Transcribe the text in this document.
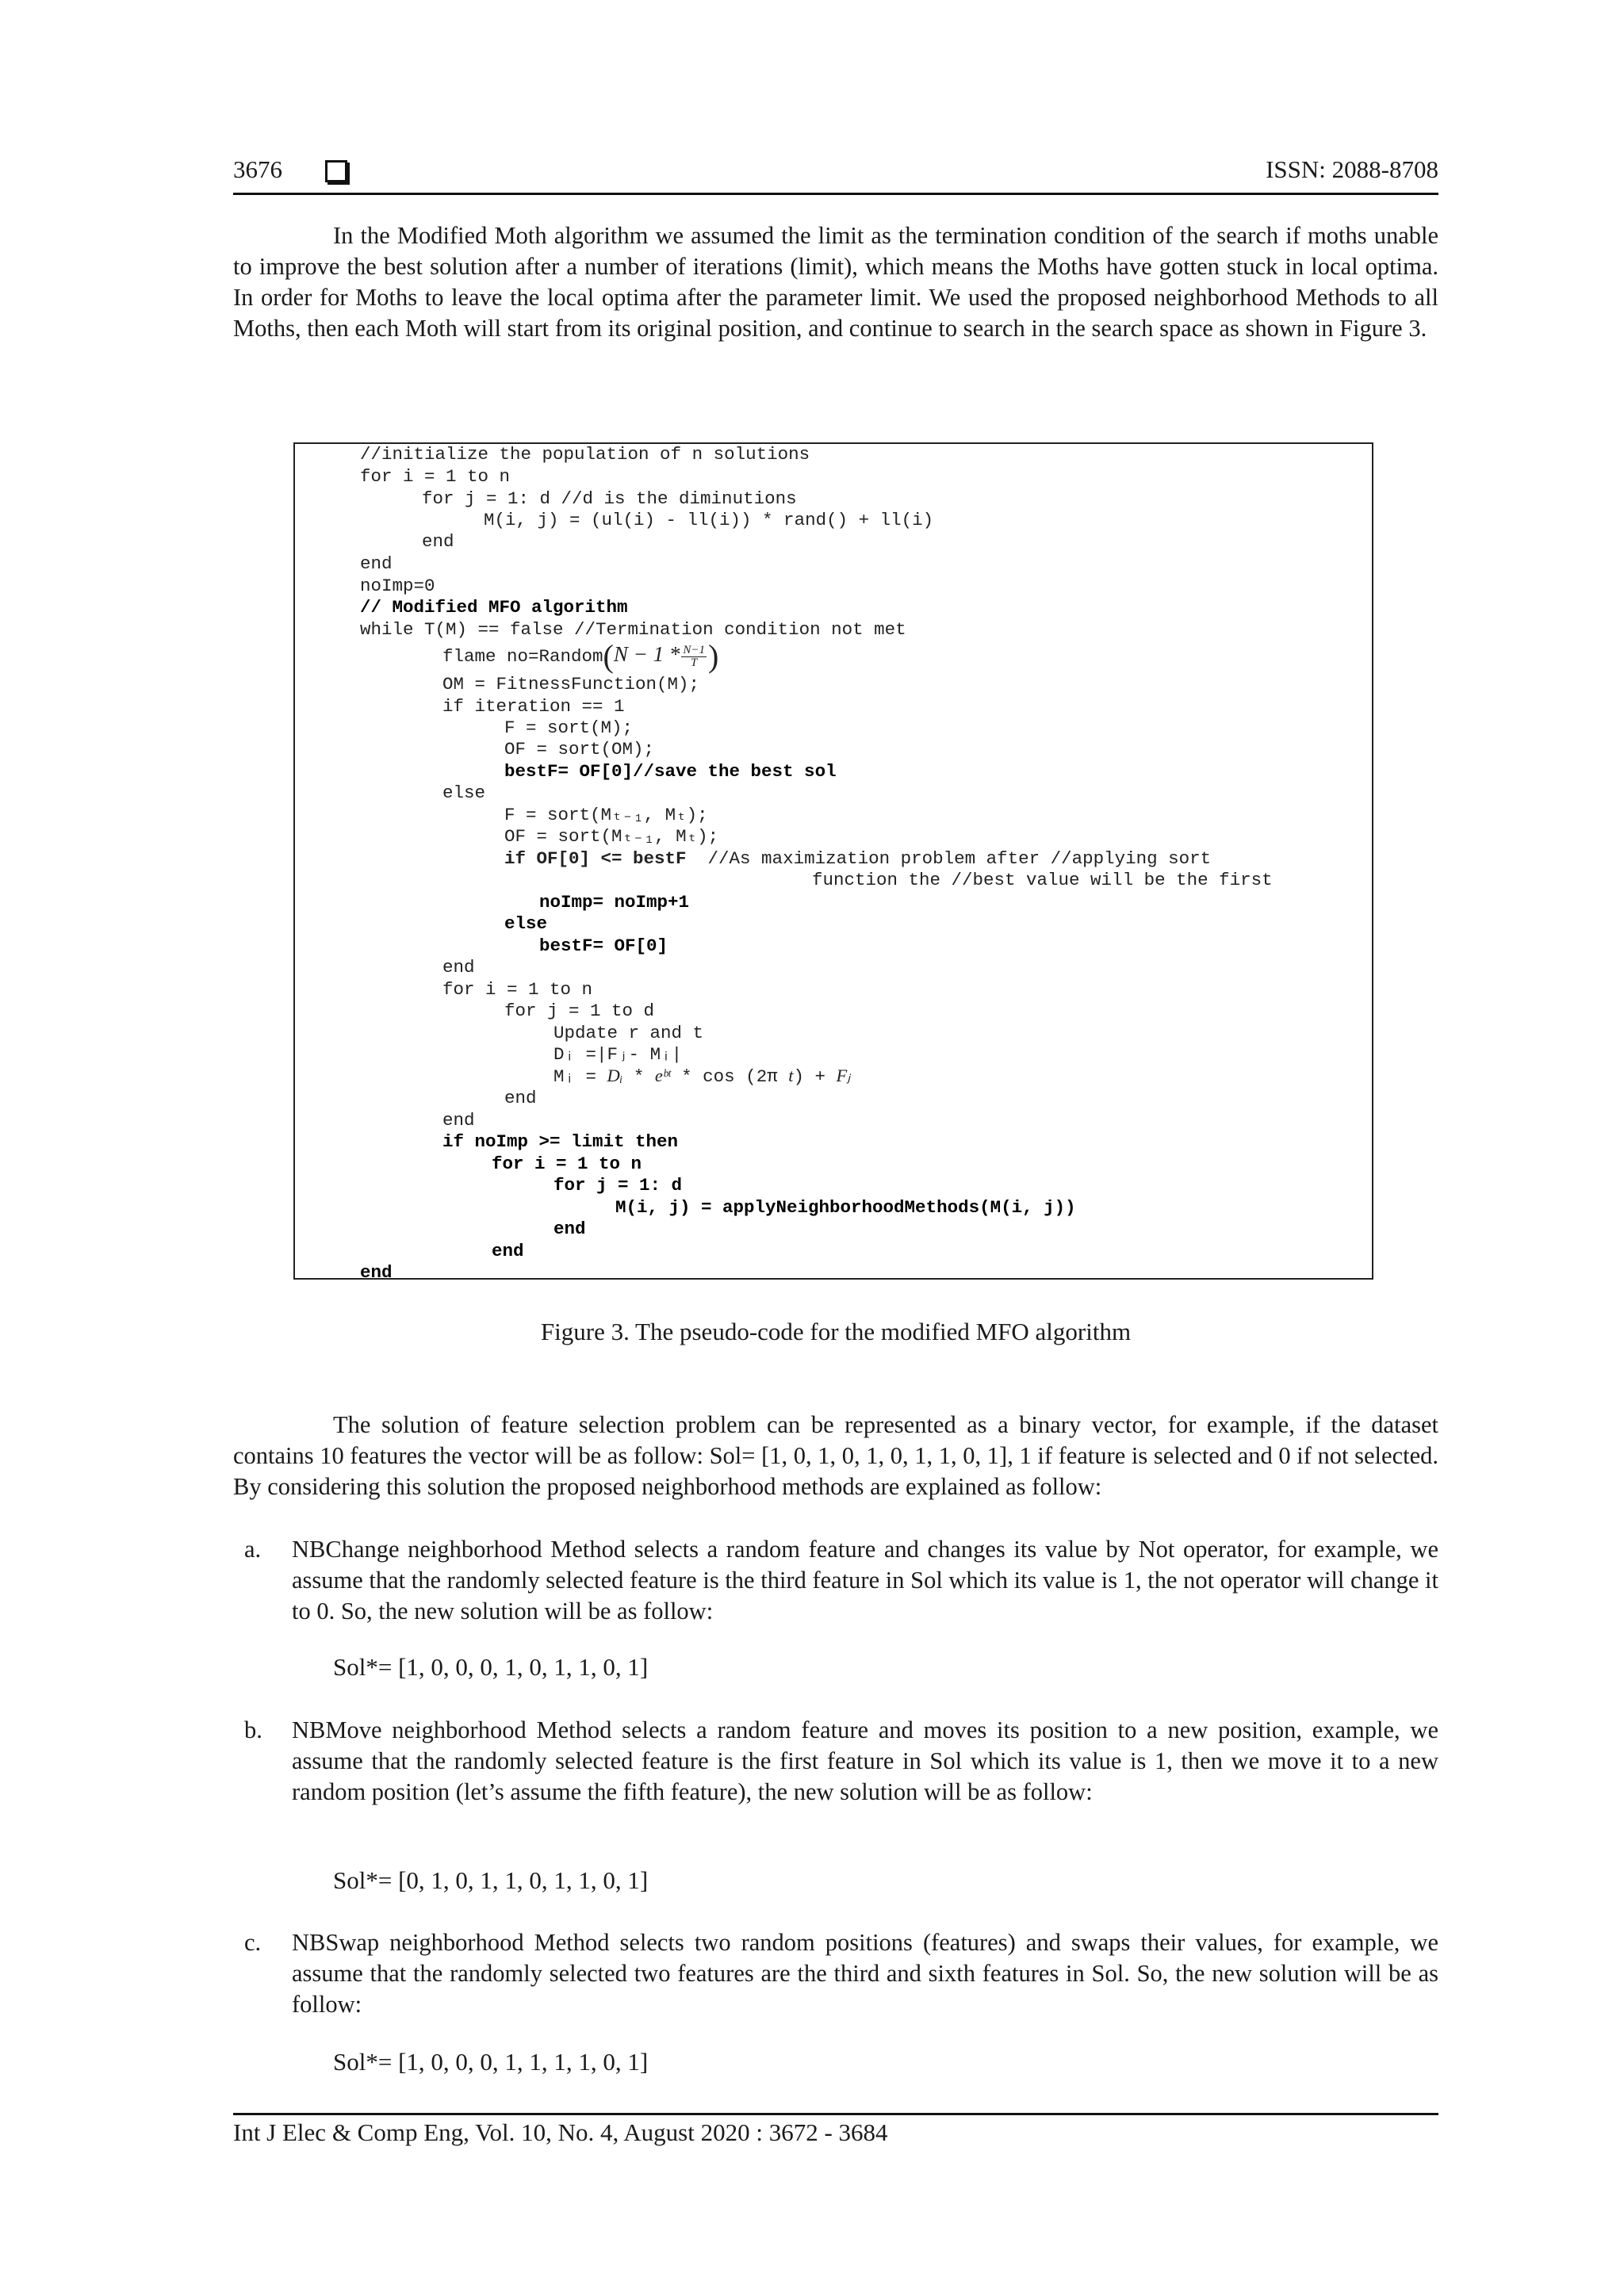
3676	ISSN: 2088-8708

In the Modified Moth algorithm we assumed the limit as the termination condition of the search if moths unable to improve the best solution after a number of iterations (limit), which means the Moths have gotten stuck in local optima. In order for Moths to leave the local optima after the parameter limit. We used the proposed neighborhood Methods to all Moths, then each Moth will start from its original position, and continue to search in the search space as shown in Figure 3.

//initialize the population of n solutions
for i = 1 to n
for j = 1: d //d is the diminutions
M(i, j) = (ul(i) - ll(i)) * rand() + ll(i)
end
end
noImp=0
// Modified MFO algorithm
while T(M) == false //Termination condition not met
flame no=Random(N − $1 * \frac{N-1}{T}$ )
OM = FitnessFunction(M);
if iteration == 1
F = sort(M);
OF = sort(OM);
bestF= OF[0]//save the best sol
else
F = sort(Mₜ₋₁, Mₜ);
OF = sort(Mₜ₋₁, Mₜ);
if OF[0] <= bestF  //As maximization problem after //applying sort
function the //best value will be the first
noImp= noImp+1
else
bestF= OF[0]
end
for i = 1 to n
for j = 1 to d
Update r and t
Dᵢ =|Fⱼ- Mᵢ|
Mᵢ = Dᵢ * eᵇᵗ * cos (2π t) + Fⱼ
end
end
if noImp >= limit then
for i = 1 to n
for j = 1: d
M(i, j) = applyNeighborhoodMethods(M(i, j))
end
end
end
Figure 3. The pseudo-code for the modified MFO algorithm

The solution of feature selection problem can be represented as a binary vector, for example, if the dataset contains 10 features the vector will be as follow: Sol= [1, 0, 1, 0, 1, 0, 1, 1, 0, 1], 1 if feature is selected and 0 if not selected. By considering this solution the proposed neighborhood methods are explained as follow:

a. NBChange neighborhood Method selects a random feature and changes its value by Not operator, for example, we assume that the randomly selected feature is the third feature in Sol which its value is 1, the not operator will change it to 0. So, the new solution will be as follow:
Sol*= [1, 0, 0, 0, 1, 0, 1, 1, 0, 1]
b. NBMove neighborhood Method selects a random feature and moves its position to a new position, example, we assume that the randomly selected feature is the first feature in Sol which its value is 1, then we move it to a new random position (let’s assume the fifth feature), the new solution will be as follow:
Sol*= [0, 1, 0, 1, 1, 0, 1, 1, 0, 1]
c. NBSwap neighborhood Method selects two random positions (features) and swaps their values, for example, we assume that the randomly selected two features are the third and sixth features in Sol. So, the new solution will be as follow:
Sol*= [1, 0, 0, 0, 1, 1, 1, 1, 0, 1]
Int J Elec & Comp Eng, Vol. 10, No. 4, August 2020 : 3672 - 3684
